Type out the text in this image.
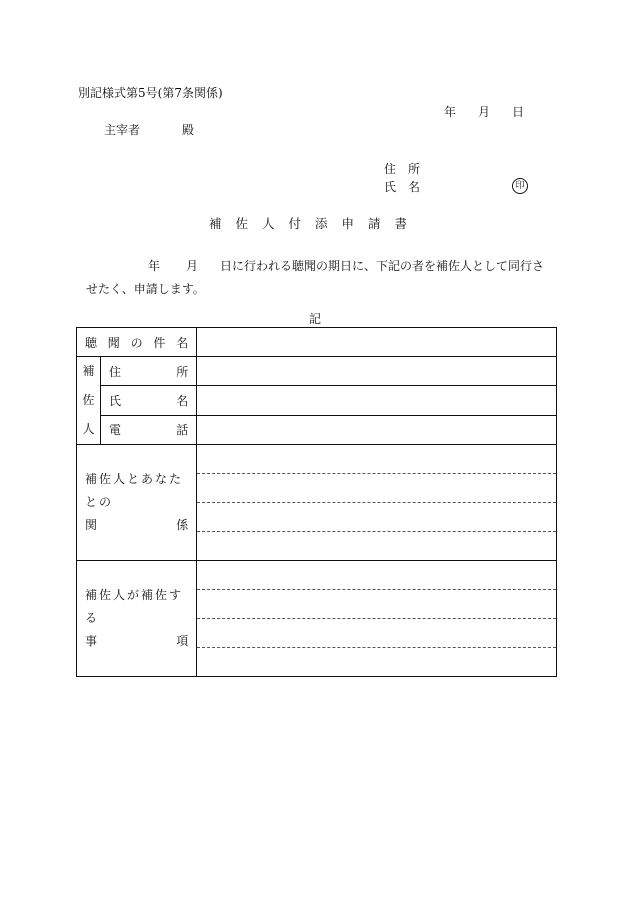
別記様式第5号(第7条関係)
年 月 日
主宰者	殿
住　所
氏　名	印
補佐人付添申請書
年 月 日に行われる聴聞の期日に、下記の者を補佐人として同行させたく、申請します。
記
聴聞の件名		

補
佐
人	住所	

	氏名	

	電話	

補佐人とあなたとの
関係		

補佐人が補佐する
事項		
